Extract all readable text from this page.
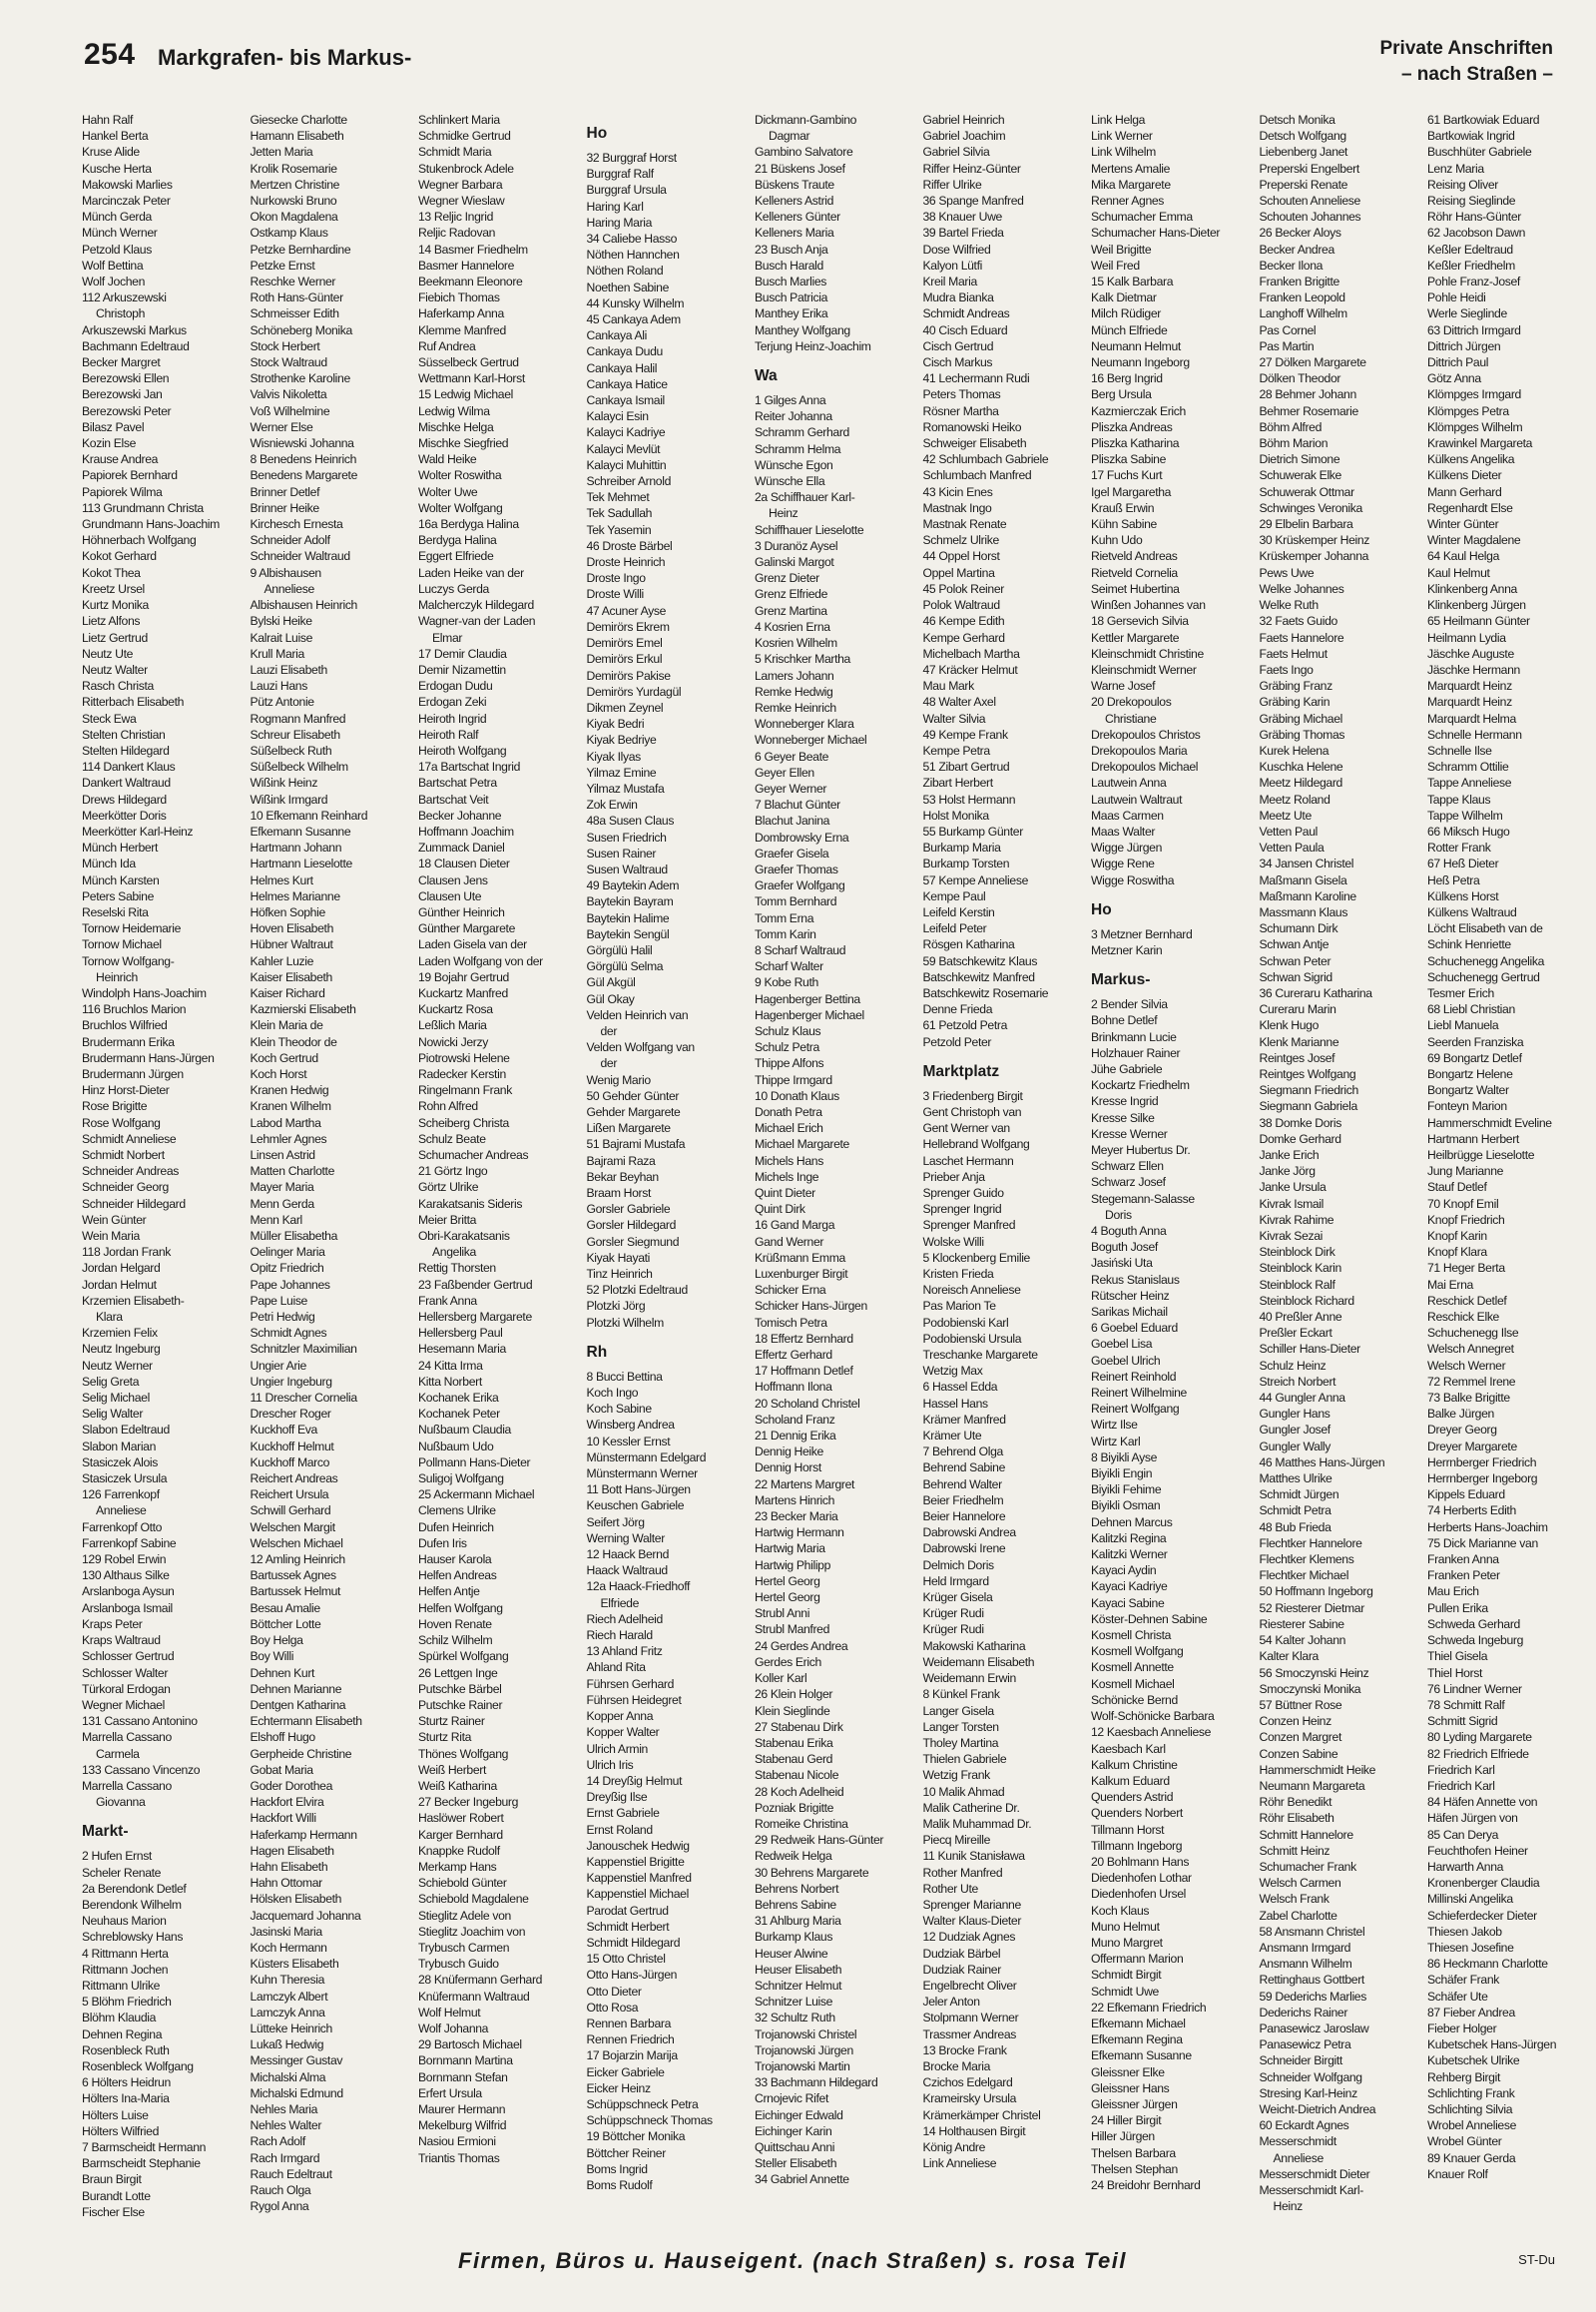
254 Markgrafen- bis Markus-	Private Anschriften
– nach Straßen –
Hahn Ralf
Hankel Berta
Kruse Alide
Kusche Herta
Makowski Marlies
Marcinczak Peter
Münch Gerda
Münch Werner
Petzold Klaus
Wolf Bettina
Wolf Jochen
112 Arkuszewski
Christoph
Arkuszewski Markus
Bachmann Edeltraud
Becker Margret
Berezowski Ellen
Berezowski Jan
Berezowski Peter
Bilasz Pavel
Kozin Else
Krause Andrea
Papiorek Bernhard
Papiorek Wilma
113 Grundmann Christa
Grundmann Hans-Joachim
Höhnerbach Wolfgang
Kokot Gerhard
Kokot Thea
Kreetz Ursel
Kurtz Monika
Lietz Alfons
Lietz Gertrud
Neutz Ute
Neutz Walter
Rasch Christa
Ritterbach Elisabeth
Steck Ewa
Stelten Christian
Stelten Hildegard
114 Dankert Klaus
Dankert Waltraud
Drews Hildegard
Meerkötter Doris
Meerkötter Karl-Heinz
Münch Herbert
Münch Ida
Münch Karsten
Peters Sabine
Reselski Rita
Tornow Heidemarie
Tornow Michael
Tornow Wolfgang-
Heinrich
Windolph Hans-Joachim
116 Bruchlos Marion
Bruchlos Wilfried
Brudermann Erika
Brudermann Hans-Jürgen
Brudermann Jürgen
Hinz Horst-Dieter
Rose Brigitte
Rose Wolfgang
Schmidt Anneliese
Schmidt Norbert
Schneider Andreas
Schneider Georg
Schneider Hildegard
Wein Günter
Wein Maria
118 Jordan Frank
Jordan Helgard
Jordan Helmut
Krzemien Elisabeth-
Klara
Krzemien Felix
Neutz Ingeburg
Neutz Werner
Selig Greta
Selig Michael
Selig Walter
Slabon Edeltraud
Slabon Marian
Stasiczek Alois
Stasiczek Ursula
126 Farrenkopf
Anneliese
Farrenkopf Otto
Farrenkopf Sabine
129 Robel Erwin
130 Althaus Silke
Arslanboga Aysun
Arslanboga Ismail
Kraps Peter
Kraps Waltraud
Schlosser Gertrud
Schlosser Walter
Türkoral Erdogan
Wegner Michael
131 Cassano Antonino
Marrella Cassano
Carmela
133 Cassano Vincenzo
Marrella Cassano
Giovanna
Markt-
2 Hufen Ernst
Scheler Renate
2a Berendonk Detlef
Berendonk Wilhelm
Neuhaus Marion
Schreblowsky Hans
4 Rittmann Herta
Rittmann Jochen
Rittmann Ulrike
5 Blöhm Friedrich
Blöhm Klaudia
Dehnen Regina
Rosenbleck Ruth
Rosenbleck Wolfgang
6 Hölters Heidrun
Hölters Ina-Maria
Hölters Luise
Hölters Wilfried
7 Barmscheidt Hermann
Barmscheidt Stephanie
Braun Birgit
Burandt Lotte
Fischer Else
Giesecke Charlotte
Hamann Elisabeth
Jetten Maria
Krolik Rosemarie
Mertzen Christine
Nurkowski Bruno
Okon Magdalena
Ostkamp Klaus
Petzke Bernhardine
Petzke Ernst
Reschke Werner
Roth Hans-Günter
Schmeisser Edith
Schöneberg Monika
Stock Herbert
Stock Waltraud
Strothenke Karoline
Valvis Nikoletta
Voß Wilhelmine
Werner Else
Wisniewski Johanna
8 Benedens Heinrich
Benedens Margarete
Brinner Detlef
Brinner Heike
Kirchesch Ernesta
Schneider Adolf
Schneider Waltraud
9 Albishausen
Anneliese
Albishausen Heinrich
Bylski Heike
Kalrait Luise
Krull Maria
Lauzi Elisabeth
Lauzi Hans
Pütz Antonie
Rogmann Manfred
Schreur Elisabeth
Süßelbeck Ruth
Süßelbeck Wilhelm
Wißink Heinz
Wißink Irmgard
10 Efkemann Reinhard
Efkemann Susanne
Hartmann Johann
Hartmann Lieselotte
Helmes Kurt
Helmes Marianne
Höfken Sophie
Hoven Elisabeth
Hübner Waltraut
Kahler Luzie
Kaiser Elisabeth
Kaiser Richard
Kazmierski Elisabeth
Klein Maria de
Klein Theodor de
Koch Gertrud
Koch Horst
Kranen Hedwig
Kranen Wilhelm
Labod Martha
Lehmler Agnes
Linsen Astrid
Matten Charlotte
Mayer Maria
Menn Gerda
Menn Karl
Müller Elisabetha
Oelinger Maria
Opitz Friedrich
Pape Johannes
Pape Luise
Petri Hedwig
Schmidt Agnes
Schnitzler Maximilian
Ungier Arie
Ungier Ingeburg
11 Drescher Cornelia
Drescher Roger
Kuckhoff Eva
Kuckhoff Helmut
Kuckhoff Marco
Reichert Andreas
Reichert Ursula
Schwill Gerhard
Welschen Margit
Welschen Michael
12 Amling Heinrich
Bartussek Agnes
Bartussek Helmut
Besau Amalie
Böttcher Lotte
Boy Helga
Boy Willi
Dehnen Kurt
Dehnen Marianne
Dentgen Katharina
Echtermann Elisabeth
Elshoff Hugo
Gerpheide Christine
Gobat Maria
Goder Dorothea
Hackfort Elvira
Hackfort Willi
Haferkamp Hermann
Hagen Elisabeth
Hahn Elisabeth
Hahn Ottomar
Hölsken Elisabeth
Jacquemard Johanna
Jasinski Maria
Koch Hermann
Küsters Elisabeth
Kuhn Theresia
Lamczyk Albert
Lamczyk Anna
Lütteke Heinrich
Lukaß Hedwig
Messinger Gustav
Michalski Alma
Michalski Edmund
Nehles Maria
Nehles Walter
Rach Adolf
Rach Irmgard
Rauch Edeltraut
Rauch Olga
Rygol Anna
Schlinkert Maria
Schmidke Gertrud
Schmidt Maria
Stukenbrock Adele
Wegner Barbara
Wegner Wieslaw
13 Reljic Ingrid
Reljic Radovan
14 Basmer Friedhelm
Basmer Hannelore
Beekmann Eleonore
Fiebich Thomas
Haferkamp Anna
Klemme Manfred
Ruf Andrea
Süsselbeck Gertrud
Wettmann Karl-Horst
15 Ledwig Michael
Ledwig Wilma
Mischke Helga
Mischke Siegfried
Wald Heike
Wolter Roswitha
Wolter Uwe
Wolter Wolfgang
16a Berdyga Halina
Berdyga Halina
Eggert Elfriede
Laden Heike van der
Luczys Gerda
Malcherczyk Hildegard
Wagner-van der Laden
Elmar
17 Demir Claudia
Demir Nizamettin
Erdogan Dudu
Erdogan Zeki
Heiroth Ingrid
Heiroth Ralf
Heiroth Wolfgang
17a Bartschat Ingrid
Bartschat Petra
Bartschat Veit
Becker Johanne
Hoffmann Joachim
Zummack Daniel
18 Clausen Dieter
Clausen Jens
Clausen Ute
Günther Heinrich
Günther Margarete
Laden Gisela van der
Laden Wolfgang von der
19 Bojahr Gertrud
Kuckartz Manfred
Kuckartz Rosa
Leßlich Maria
Nowicki Jerzy
Piotrowski Helene
Radecker Kerstin
Ringelmann Frank
Rohn Alfred
Scheiberg Christa
Schulz Beate
Schumacher Andreas
21 Görtz Ingo
Görtz Ulrike
Karakatsanis Sideris
Meier Britta
Obri-Karakatsanis
Angelika
Rettig Thorsten
23 Faßbender Gertrud
Frank Anna
Hellersberg Margarete
Hellersberg Paul
Hesemann Maria
24 Kitta Irma
Kitta Norbert
Kochanek Erika
Kochanek Peter
Nußbaum Claudia
Nußbaum Udo
Pollmann Hans-Dieter
Suligoj Wolfgang
25 Ackermann Michael
Clemens Ulrike
Dufen Heinrich
Dufen Iris
Hauser Karola
Helfen Andreas
Helfen Antje
Helfen Wolfgang
Hoven Renate
Schilz Wilhelm
Spürkel Wolfgang
26 Lettgen Inge
Putschke Bärbel
Putschke Rainer
Sturtz Rainer
Sturtz Rita
Thönes Wolfgang
Weiß Herbert
Weiß Katharina
27 Becker Ingeburg
Haslöwer Robert
Karger Bernhard
Knappke Rudolf
Merkamp Hans
Schiebold Günter
Schiebold Magdalene
Stieglitz Adele von
Stieglitz Joachim von
Trybusch Carmen
Trybusch Guido
28 Knüfermann Gerhard
Knüfermann Waltraud
Wolf Helmut
Wolf Johanna
29 Bartosch Michael
Bornmann Martina
Bornmann Stefan
Erfert Ursula
Maurer Hermann
Mekelburg Wilfrid
Nasiou Ermioni
Triantis Thomas
Ho
32 Burggraf Horst
Burggraf Ralf
Burggraf Ursula
Haring Karl
Haring Maria
34 Caliebe Hasso
Nöthen Hannchen
Nöthen Roland
Noethen Sabine
44 Kunsky Wilhelm
45 Cankaya Adem
Cankaya Ali
Cankaya Dudu
Cankaya Halil
Cankaya Hatice
Cankaya Ismail
Kalayci Esin
Kalayci Kadriye
Kalayci Mevlüt
Kalayci Muhittin
Schreiber Arnold
Tek Mehmet
Tek Sadullah
Tek Yasemin
46 Droste Bärbel
Droste Heinrich
Droste Ingo
Droste Willi
47 Acuner Ayse
Demirörs Ekrem
Demirörs Emel
Demirörs Erkul
Demirörs Pakise
Demirörs Yurdagül
Dikmen Zeynel
Kiyak Bedri
Kiyak Bedriye
Kiyak Ilyas
Yilmaz Emine
Yilmaz Mustafa
Zok Erwin
48a Susen Claus
Susen Friedrich
Susen Rainer
Susen Waltraud
49 Baytekin Adem
Baytekin Bayram
Baytekin Halime
Baytekin Sengül
Görgülü Halil
Görgülü Selma
Gül Akgül
Gül Okay
Velden Heinrich van
der
Velden Wolfgang van
der
Wenig Mario
50 Gehder Günter
Gehder Margarete
Lißen Margarete
51 Bajrami Mustafa
Bajrami Raza
Bekar Beyhan
Braam Horst
Gorsler Gabriele
Gorsler Hildegard
Gorsler Siegmund
Kiyak Hayati
Tinz Heinrich
52 Plotzki Edeltraud
Plotzki Jörg
Plotzki Wilhelm
Rh
8 Bucci Bettina
Koch Ingo
Koch Sabine
Winsberg Andrea
10 Kessler Ernst
Münstermann Edelgard
Münstermann Werner
11 Bott Hans-Jürgen
Keuschen Gabriele
Seifert Jörg
Werning Walter
12 Haack Bernd
Haack Waltraud
12a Haack-Friedhoff
Elfriede
Riech Adelheid
Riech Harald
13 Ahland Fritz
Ahland Rita
Führsen Gerhard
Führsen Heidegret
Kopper Anna
Kopper Walter
Ulrich Armin
Ulrich Iris
14 Dreyßig Helmut
Dreyßig Ilse
Ernst Gabriele
Ernst Roland
Janouschek Hedwig
Kappenstiel Brigitte
Kappenstiel Manfred
Kappenstiel Michael
Parodat Gertrud
Schmidt Herbert
Schmidt Hildegard
15 Otto Christel
Otto Hans-Jürgen
Otto Dieter
Otto Rosa
Rennen Barbara
Rennen Friedrich
17 Bojarzin Marija
Eicker Gabriele
Eicker Heinz
Schüppschneck Petra
Schüppschneck Thomas
19 Böttcher Monika
Böttcher Reiner
Boms Ingrid
Boms Rudolf
Dickmann-Gambino
Dagmar
Gambino Salvatore
21 Büskens Josef
Büskens Traute
Kelleners Astrid
Kelleners Günter
Kelleners Maria
23 Busch Anja
Busch Harald
Busch Marlies
Busch Patricia
Manthey Erika
Manthey Wolfgang
Terjung Heinz-Joachim
Wa
1 Gilges Anna
Reiter Johanna
Schramm Gerhard
Schramm Helma
Wünsche Egon
Wünsche Ella
2a Schiffhauer Karl-
Heinz
Schiffhauer Lieselotte
3 Duranöz Aysel
Galinski Margot
Grenz Dieter
Grenz Elfriede
Grenz Martina
4 Kosrien Erna
Kosrien Wilhelm
5 Krischker Martha
Lamers Johann
Remke Hedwig
Remke Heinrich
Wonneberger Klara
Wonneberger Michael
6 Geyer Beate
Geyer Ellen
Geyer Werner
7 Blachut Günter
Blachut Janina
Dombrowsky Erna
Graefer Gisela
Graefer Thomas
Graefer Wolfgang
Tomm Bernhard
Tomm Erna
Tomm Karin
8 Scharf Waltraud
Scharf Walter
9 Kobe Ruth
Hagenberger Bettina
Hagenberger Michael
Schulz Klaus
Schulz Petra
Thippe Alfons
Thippe Irmgard
10 Donath Klaus
Donath Petra
Michael Erich
Michael Margarete
Michels Hans
Michels Inge
Quint Dieter
Quint Dirk
16 Gand Marga
Gand Werner
Krüßmann Emma
Luxenburger Birgit
Schicker Erna
Schicker Hans-Jürgen
Tomisch Petra
18 Effertz Bernhard
Effertz Gerhard
17 Hoffmann Detlef
Hoffmann Ilona
20 Scholand Christel
Scholand Franz
21 Dennig Erika
Dennig Heike
Dennig Horst
22 Martens Margret
Martens Hinrich
23 Becker Maria
Hartwig Hermann
Hartwig Maria
Hartwig Philipp
Hertel Georg
Hertel Georg
Strubl Anni
Strubl Manfred
24 Gerdes Andrea
Gerdes Erich
Koller Karl
26 Klein Holger
Klein Sieglinde
27 Stabenau Dirk
Stabenau Erika
Stabenau Gerd
Stabenau Nicole
28 Koch Adelheid
Pozniak Brigitte
Romeike Christina
29 Redweik Hans-Günter
Redweik Helga
30 Behrens Margarete
Behrens Norbert
Behrens Sabine
31 Ahlburg Maria
Burkamp Klaus
Heuser Alwine
Heuser Elisabeth
Schnitzer Helmut
Schnitzer Luise
32 Schultz Ruth
Trojanowski Christel
Trojanowski Jürgen
Trojanowski Martin
33 Bachmann Hildegard
Crnojevic Rifet
Eichinger Edwald
Eichinger Karin
Quittschau Anni
Steller Elisabeth
34 Gabriel Annette
Gabriel Heinrich
Gabriel Joachim
Gabriel Silvia
Riffer Heinz-Günter
Riffer Ulrike
36 Spange Manfred
38 Knauer Uwe
39 Bartel Frieda
Dose Wilfried
Kalyon Lütfi
Kreil Maria
Mudra Bianka
Schmidt Andreas
40 Cisch Eduard
Cisch Gertrud
Cisch Markus
41 Lechermann Rudi
Peters Thomas
Rösner Martha
Romanowski Heiko
Schweiger Elisabeth
42 Schlumbach Gabriele
Schlumbach Manfred
43 Kicin Enes
Mastnak Ingo
Mastnak Renate
Schmelz Ulrike
44 Oppel Horst
Oppel Martina
45 Polok Reiner
Polok Waltraud
46 Kempe Edith
Kempe Gerhard
Michelbach Martha
47 Kräcker Helmut
Mau Mark
48 Walter Axel
Walter Silvia
49 Kempe Frank
Kempe Petra
51 Zibart Gertrud
Zibart Herbert
53 Holst Hermann
Holst Monika
55 Burkamp Günter
Burkamp Maria
Burkamp Torsten
57 Kempe Anneliese
Kempe Paul
Leifeld Kerstin
Leifeld Peter
Rösgen Katharina
59 Batschkewitz Klaus
Batschkewitz Manfred
Batschkewitz Rosemarie
Denne Frieda
61 Petzold Petra
Petzold Peter
Marktplatz
3 Friedenberg Birgit
Gent Christoph van
Gent Werner van
Hellebrand Wolfgang
Laschet Hermann
Prieber Anja
Sprenger Guido
Sprenger Ingrid
Sprenger Manfred
Wolske Willi
5 Klockenberg Emilie
Kristen Frieda
Noreisch Anneliese
Pas Marion Te
Podobienski Karl
Podobienski Ursula
Treschanke Margarete
Wetzig Max
6 Hassel Edda
Hassel Hans
Krämer Manfred
Krämer Ute
7 Behrend Olga
Behrend Sabine
Behrend Walter
Beier Friedhelm
Beier Hannelore
Dabrowski Andrea
Dabrowski Irene
Delmich Doris
Held Irmgard
Krüger Gisela
Krüger Rudi
Krüger Rudi
Makowski Katharina
Weidemann Elisabeth
Weidemann Erwin
8 Künkel Frank
Langer Gisela
Langer Torsten
Tholey Martina
Thielen Gabriele
Wetzig Frank
10 Malik Ahmad
Malik Catherine Dr.
Malik Muhammad Dr.
Piecq Mireille
11 Kunik Stanisława
Rother Manfred
Rother Ute
Sprenger Marianne
Walter Klaus-Dieter
12 Dudziak Agnes
Dudziak Bärbel
Dudziak Rainer
Engelbrecht Oliver
Jeler Anton
Stolpmann Werner
Trassmer Andreas
13 Brocke Frank
Brocke Maria
Czichos Edelgard
Krameirsky Ursula
Krämerkämper Christel
14 Holthausen Birgit
König Andre
Link Anneliese
Link Helga
Link Werner
Link Wilhelm
Mertens Amalie
Mika Margarete
Renner Agnes
Schumacher Emma
Schumacher Hans-Dieter
Weil Brigitte
Weil Fred
15 Kalk Barbara
Kalk Dietmar
Milch Rüdiger
Münch Elfriede
Neumann Helmut
Neumann Ingeborg
16 Berg Ingrid
Berg Ursula
Kazmierczak Erich
Pliszka Andreas
Pliszka Katharina
Pliszka Sabine
17 Fuchs Kurt
Igel Margaretha
Krauß Erwin
Kühn Sabine
Kuhn Udo
Rietveld Andreas
Rietveld Cornelia
Seimet Hubertina
Winßen Johannes van
18 Gersevich Silvia
Kettler Margarete
Kleinschmidt Christine
Kleinschmidt Werner
Warne Josef
20 Drekopoulos
Christiane
Drekopoulos Christos
Drekopoulos Maria
Drekopoulos Michael
Lautwein Anna
Lautwein Waltraut
Maas Carmen
Maas Walter
Wigge Jürgen
Wigge Rene
Wigge Roswitha
Ho
3 Metzner Bernhard
Metzner Karin
Markus-
2 Bender Silvia
Bohne Detlef
Brinkmann Lucie
Holzhauer Rainer
Jühe Gabriele
Kockartz Friedhelm
Kresse Ingrid
Kresse Silke
Kresse Werner
Meyer Hubertus Dr.
Schwarz Ellen
Schwarz Josef
Stegemann-Salasse
Doris
4 Boguth Anna
Boguth Josef
Jasiński Uta
Rekus Stanislaus
Rütscher Heinz
Sarikas Michail
6 Goebel Eduard
Goebel Lisa
Goebel Ulrich
Reinert Reinhold
Reinert Wilhelmine
Reinert Wolfgang
Wirtz Ilse
Wirtz Karl
8 Biyikli Ayse
Biyikli Engin
Biyikli Fehime
Biyikli Osman
Dehnen Marcus
Kalitzki Regina
Kalitzki Werner
Kayaci Aydin
Kayaci Kadriye
Kayaci Sabine
Köster-Dehnen Sabine
Kosmell Christa
Kosmell Wolfgang
Kosmell Annette
Kosmell Michael
Schönicke Bernd
Wolf-Schönicke Barbara
12 Kaesbach Anneliese
Kaesbach Karl
Kalkum Christine
Kalkum Eduard
Quenders Astrid
Quenders Norbert
Tillmann Horst
Tillmann Ingeborg
20 Bohlmann Hans
Diedenhofen Lothar
Diedenhofen Ursel
Koch Klaus
Muno Helmut
Muno Margret
Offermann Marion
Schmidt Birgit
Schmidt Uwe
22 Efkemann Friedrich
Efkemann Michael
Efkemann Regina
Efkemann Susanne
Gleissner Elke
Gleissner Hans
Gleissner Jürgen
24 Hiller Birgit
Hiller Jürgen
Thelsen Barbara
Thelsen Stephan
24 Breidohr Bernhard
Detsch Monika
Detsch Wolfgang
Liebenberg Janet
Preperski Engelbert
Preperski Renate
Schouten Anneliese
Schouten Johannes
26 Becker Aloys
Becker Andrea
Becker Ilona
Franken Brigitte
Franken Leopold
Langhoff Wilhelm
Pas Cornel
Pas Martin
27 Dölken Margarete
Dölken Theodor
28 Behmer Johann
Behmer Rosemarie
Böhm Alfred
Böhm Marion
Dietrich Simone
Schuwerak Elke
Schuwerak Ottmar
Schwinges Veronika
29 Elbelin Barbara
30 Krüskemper Heinz
Krüskemper Johanna
Pews Uwe
Welke Johannes
Welke Ruth
32 Faets Guido
Faets Hannelore
Faets Helmut
Faets Ingo
Gräbing Franz
Gräbing Karin
Gräbing Michael
Gräbing Thomas
Kurek Helena
Kuschka Helene
Meetz Hildegard
Meetz Roland
Meetz Ute
Vetten Paul
Vetten Paula
34 Jansen Christel
Maßmann Gisela
Maßmann Karoline
Massmann Klaus
Schumann Dirk
Schwan Antje
Schwan Peter
Schwan Sigrid
36 Cureraru Katharina
Cureraru Marin
Klenk Hugo
Klenk Marianne
Reintges Josef
Reintges Wolfgang
Siegmann Friedrich
Siegmann Gabriela
38 Domke Doris
Domke Gerhard
Janke Erich
Janke Jörg
Janke Ursula
Kivrak Ismail
Kivrak Rahime
Kivrak Sezai
Steinblock Dirk
Steinblock Karin
Steinblock Ralf
Steinblock Richard
40 Preßler Anne
Preßler Eckart
Schiller Hans-Dieter
Schulz Heinz
Streich Norbert
44 Gungler Anna
Gungler Hans
Gungler Josef
Gungler Wally
46 Matthes Hans-Jürgen
Matthes Ulrike
Schmidt Jürgen
Schmidt Petra
48 Bub Frieda
Flechtker Hannelore
Flechtker Klemens
Flechtker Michael
50 Hoffmann Ingeborg
52 Riesterer Dietmar
Riesterer Sabine
54 Kalter Johann
Kalter Klara
56 Smoczynski Heinz
Smoczynski Monika
57 Büttner Rose
Conzen Heinz
Conzen Margret
Conzen Sabine
Hammerschmidt Heike
Neumann Margareta
Röhr Benedikt
Röhr Elisabeth
Schmitt Hannelore
Schmitt Heinz
Schumacher Frank
Welsch Carmen
Welsch Frank
Zabel Charlotte
58 Ansmann Christel
Ansmann Irmgard
Ansmann Wilhelm
Rettinghaus Gottbert
59 Dederichs Marlies
Dederichs Rainer
Panasewicz Jaroslaw
Panasewicz Petra
Schneider Birgitt
Schneider Wolfgang
Stresing Karl-Heinz
Weicht-Dietrich Andrea
60 Eckardt Agnes
Messerschmidt
Anneliese
Messerschmidt Dieter
Messerschmidt Karl-
Heinz
61 Bartkowiak Eduard
Bartkowiak Ingrid
Buschhüter Gabriele
Lenz Maria
Reising Oliver
Reising Sieglinde
Röhr Hans-Günter
62 Jacobson Dawn
Keßler Edeltraud
Keßler Friedhelm
Pohle Franz-Josef
Pohle Heidi
Werle Sieglinde
63 Dittrich Irmgard
Dittrich Jürgen
Dittrich Paul
Götz Anna
Klömpges Irmgard
Klömpges Petra
Klömpges Wilhelm
Krawinkel Margareta
Külkens Angelika
Külkens Dieter
Mann Gerhard
Regenhardt Else
Winter Günter
Winter Magdalene
64 Kaul Helga
Kaul Helmut
Klinkenberg Anna
Klinkenberg Jürgen
65 Heilmann Günter
Heilmann Lydia
Jäschke Auguste
Jäschke Hermann
Marquardt Heinz
Marquardt Heinz
Marquardt Helma
Schnelle Hermann
Schnelle Ilse
Schramm Ottilie
Tappe Anneliese
Tappe Klaus
Tappe Wilhelm
66 Miksch Hugo
Rotter Frank
67 Heß Dieter
Heß Petra
Külkens Horst
Külkens Waltraud
Löcht Elisabeth van de
Schink Henriette
Schuchenegg Angelika
Schuchenegg Gertrud
Tesmer Erich
68 Liebl Christian
Liebl Manuela
Seerden Franziska
69 Bongartz Detlef
Bongartz Helene
Bongartz Walter
Fonteyn Marion
Hammerschmidt Eveline
Hartmann Herbert
Heilbrügge Lieselotte
Jung Marianne
Stauf Detlef
70 Knopf Emil
Knopf Friedrich
Knopf Karin
Knopf Klara
71 Heger Berta
Mai Erna
Reschick Detlef
Reschick Elke
Schuchenegg Ilse
Welsch Annegret
Welsch Werner
72 Remmel Irene
73 Balke Brigitte
Balke Jürgen
Dreyer Georg
Dreyer Margarete
Herrnberger Friedrich
Herrnberger Ingeborg
Kippels Eduard
74 Herberts Edith
Herberts Hans-Joachim
75 Dick Marianne van
Franken Anna
Franken Peter
Mau Erich
Pullen Erika
Schweda Gerhard
Schweda Ingeburg
Thiel Gisela
Thiel Horst
76 Lindner Werner
78 Schmitt Ralf
Schmitt Sigrid
80 Lyding Margarete
82 Friedrich Elfriede
Friedrich Karl
Friedrich Karl
84 Häfen Annette von
Häfen Jürgen von
85 Can Derya
Feuchthofen Heiner
Harwarth Anna
Kronenberger Claudia
Millinski Angelika
Schieferdecker Dieter
Thiesen Jakob
Thiesen Josefine
86 Heckmann Charlotte
Schäfer Frank
Schäfer Ute
87 Fieber Andrea
Fieber Holger
Kubetschek Hans-Jürgen
Kubetschek Ulrike
Rehberg Birgit
Schlichting Frank
Schlichting Silvia
Wrobel Anneliese
Wrobel Günter
89 Knauer Gerda
Knauer Rolf
Firmen, Büros u. Hauseigent. (nach Straßen) s. rosa Teil	ST-Du
